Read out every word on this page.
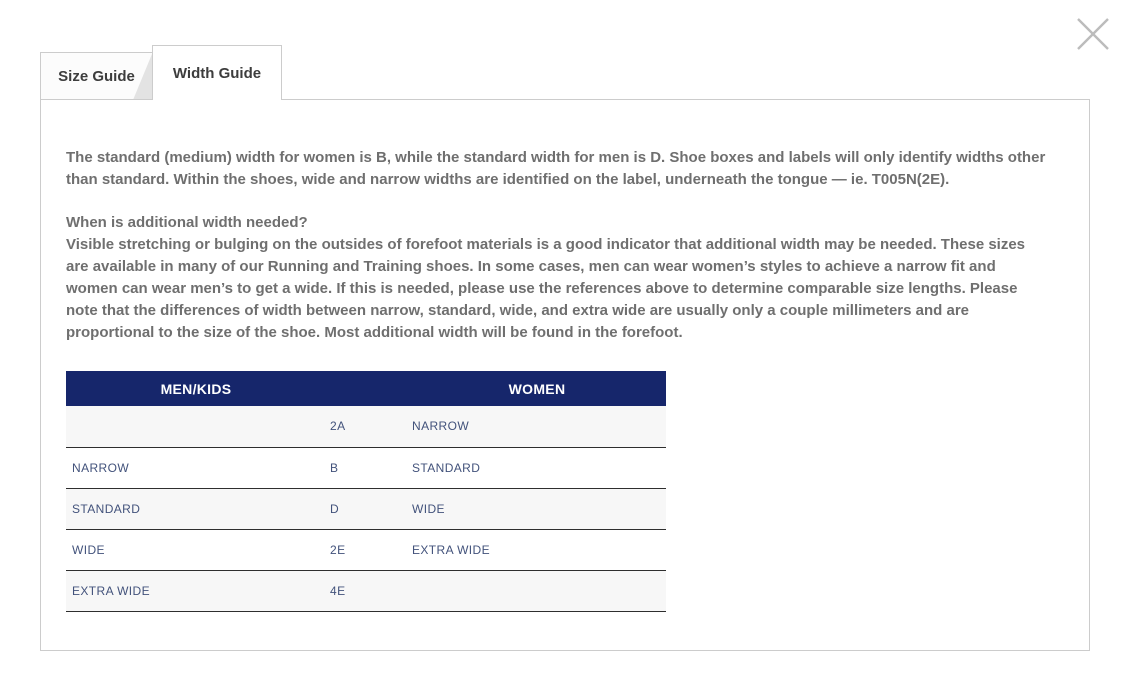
Size Guide	Width Guide

The standard (medium) width for women is B, while the standard width for men is D. Shoe boxes and labels will only identify widths other than standard. Within the shoes, wide and narrow widths are identified on the label, underneath the tongue — ie. T005N(2E).

When is additional width needed?
Visible stretching or bulging on the outsides of forefoot materials is a good indicator that additional width may be needed. These sizes are available in many of our Running and Training shoes. In some cases, men can wear women’s styles to achieve a narrow fit and women can wear men’s to get a wide. If this is needed, please use the references above to determine comparable size lengths. Please note that the differences of width between narrow, standard, wide, and extra wide are usually only a couple millimeters and are proportional to the size of the shoe. Most additional width will be found in the forefoot.
MEN/KIDS		WOMEN
	2A	NARROW
NARROW	B	STANDARD
STANDARD	D	WIDE
WIDE	2E	EXTRA WIDE
EXTRA WIDE	4E	
